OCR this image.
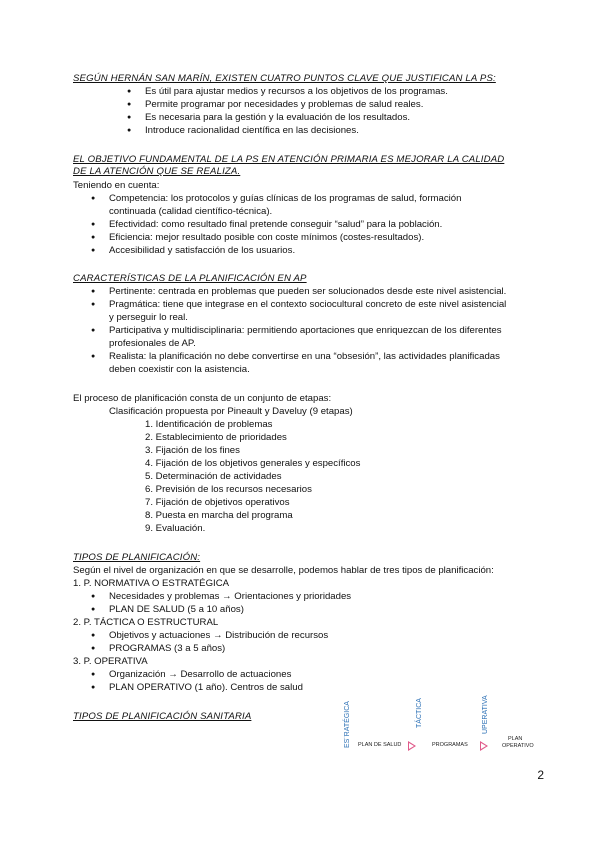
SEGÚN HERNÁN SAN MARÍN, EXISTEN CUATRO PUNTOS CLAVE QUE JUSTIFICAN LA PS:
● Es útil para ajustar medios y recursos a los objetivos de los programas.
● Permite programar por necesidades y problemas de salud reales.
● Es necesaria para la gestión y la evaluación de los resultados.
● Introduce racionalidad científica en las decisiones.
EL OBJETIVO FUNDAMENTAL DE LA PS EN ATENCIÓN PRIMARIA ES MEJORAR LA CALIDAD
DE LA ATENCIÓN QUE SE REALIZA.
Teniendo en cuenta:
● Competencia: los protocolos y guías clínicas de los programas de salud, formación
continuada (calidad científico-técnica).
● Efectividad: como resultado final pretende conseguir “salud” para la población.
● Eficiencia: mejor resultado posible con coste mínimos (costes-resultados).
● Accesibilidad y satisfacción de los usuarios.
CARACTERÍSTICAS DE LA PLANIFICACIÓN EN AP
● Pertinente: centrada en problemas que pueden ser solucionados desde este nivel asistencial.
● Pragmática: tiene que integrase en el contexto sociocultural concreto de este nivel asistencial
y perseguir lo real.
● Participativa y multidisciplinaria: permitiendo aportaciones que enriquezcan de los diferentes
profesionales de AP.
● Realista: la planificación no debe convertirse en una “obsesión”, las actividades planificadas
deben coexistir con la asistencia.
El proceso de planificación consta de un conjunto de etapas:
Clasificación propuesta por Pineault y Daveluy (9 etapas)
1. Identificación de problemas
2. Establecimiento de prioridades
3. Fijación de los fines
4. Fijación de los objetivos generales y específicos
5. Determinación de actividades
6. Previsión de los recursos necesarios
7. Fijación de objetivos operativos
8. Puesta en marcha del programa
9. Evaluación.
TIPOS DE PLANIFICACIÓN:
Según el nivel de organización en que se desarrolle, podemos hablar de tres tipos de planificación:
1. P. NORMATIVA O ESTRATÉGICA
● Necesidades y problemas → Orientaciones y prioridades
● PLAN DE SALUD (5 a 10 años)
2. P. TÁCTICA O ESTRUCTURAL
● Objetivos y actuaciones → Distribución de recursos
● PROGRAMAS (3 a 5 años)
3. P. OPERATIVA
● Organización → Desarrollo de actuaciones
● PLAN OPERATIVO (1 año). Centros de salud
TIPOS DE PLANIFICACIÓN SANITARIA	ES¨RATÉGICA	TÁCTICA	UPERATIVA
PLAN DE SALUD	PROGRAMAS
PLAN
OPERATIVO
2
